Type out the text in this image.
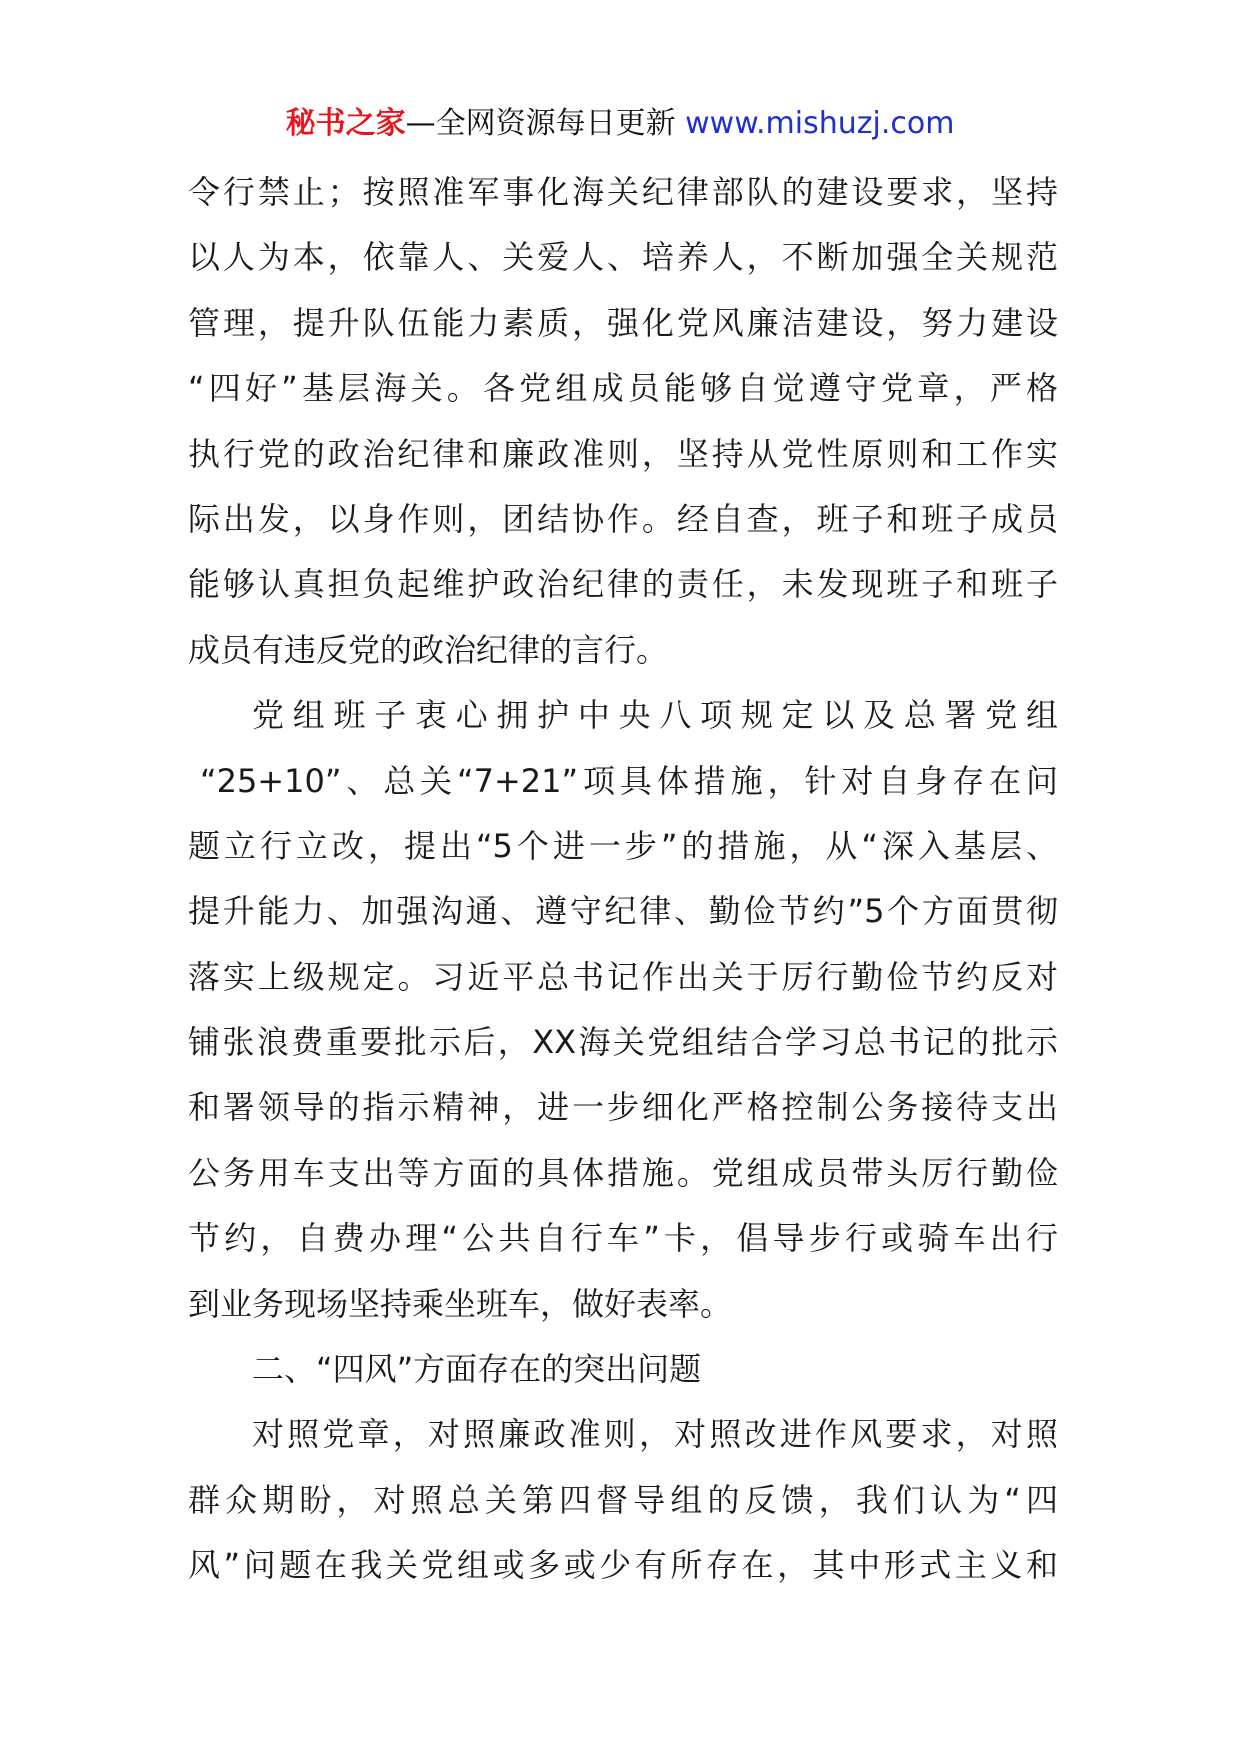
秘书之家—全网资源每日更新 www.mishuzj.com
令行禁止；按照准军事化海关纪律部队的建设要求，坚持
以人为本，依靠人、关爱人、培养人，不断加强全关规范
管理，提升队伍能力素质，强化党风廉洁建设，努力建设
“四好”基层海关。各党组成员能够自觉遵守党章，严格
执行党的政治纪律和廉政准则，坚持从党性原则和工作实
际出发，以身作则，团结协作。经自查，班子和班子成员
能够认真担负起维护政治纪律的责任，未发现班子和班子
成员有违反党的政治纪律的言行。
党组班子衷心拥护中央八项规定以及总署党组
“25+10”、总关“7+21”项具体措施，针对自身存在问
题立行立改，提出“5个进一步”的措施，从“深入基层、
提升能力、加强沟通、遵守纪律、勤俭节约”5个方面贯彻
落实上级规定。习近平总书记作出关于厉行勤俭节约反对
铺张浪费重要批示后，XX海关党组结合学习总书记的批示
和署领导的指示精神，进一步细化严格控制公务接待支出
公务用车支出等方面的具体措施。党组成员带头厉行勤俭
节约，自费办理“公共自行车”卡，倡导步行或骑车出行
到业务现场坚持乘坐班车，做好表率。
二、“四风”方面存在的突出问题
对照党章，对照廉政准则，对照改进作风要求，对照
群众期盼，对照总关第四督导组的反馈，我们认为“四
风”问题在我关党组或多或少有所存在，其中形式主义和
